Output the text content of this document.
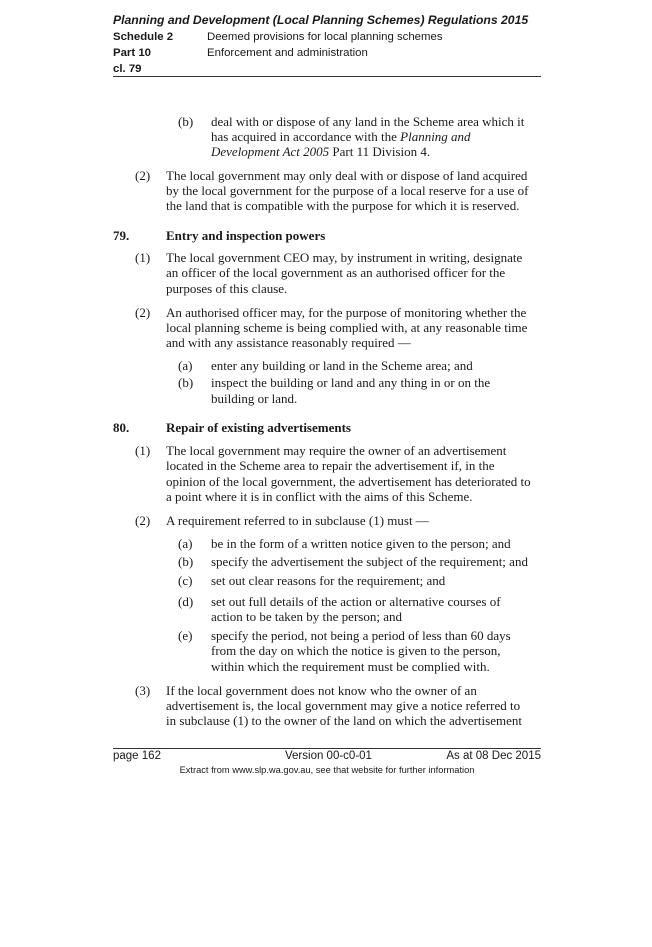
Planning and Development (Local Planning Schemes) Regulations 2015
Schedule 2	Deemed provisions for local planning schemes
Part 10	Enforcement and administration
cl. 79
(b) deal with or dispose of any land in the Scheme area which it
has acquired in accordance with the Planning and
Development Act 2005 Part 11 Division 4.
(2) The local government may only deal with or dispose of land acquired
by the local government for the purpose of a local reserve for a use of
the land that is compatible with the purpose for which it is reserved.
79.	Entry and inspection powers
(1) The local government CEO may, by instrument in writing, designate
an officer of the local government as an authorised officer for the
purposes of this clause.
(2) An authorised officer may, for the purpose of monitoring whether the
local planning scheme is being complied with, at any reasonable time
and with any assistance reasonably required —
(a) enter any building or land in the Scheme area; and
(b) inspect the building or land and any thing in or on the
building or land.
80.	Repair of existing advertisements
(1) The local government may require the owner of an advertisement
located in the Scheme area to repair the advertisement if, in the
opinion of the local government, the advertisement has deteriorated to
a point where it is in conflict with the aims of this Scheme.
(2) A requirement referred to in subclause (1) must —
(a) be in the form of a written notice given to the person; and
(b) specify the advertisement the subject of the requirement; and
(c) set out clear reasons for the requirement; and
(d) set out full details of the action or alternative courses of
action to be taken by the person; and
(e) specify the period, not being a period of less than 60 days
from the day on which the notice is given to the person,
within which the requirement must be complied with.
(3) If the local government does not know who the owner of an
advertisement is, the local government may give a notice referred to
in subclause (1) to the owner of the land on which the advertisement
page 162	Version 00-c0-01	As at 08 Dec 2015
Extract from www.slp.wa.gov.au, see that website for further information
